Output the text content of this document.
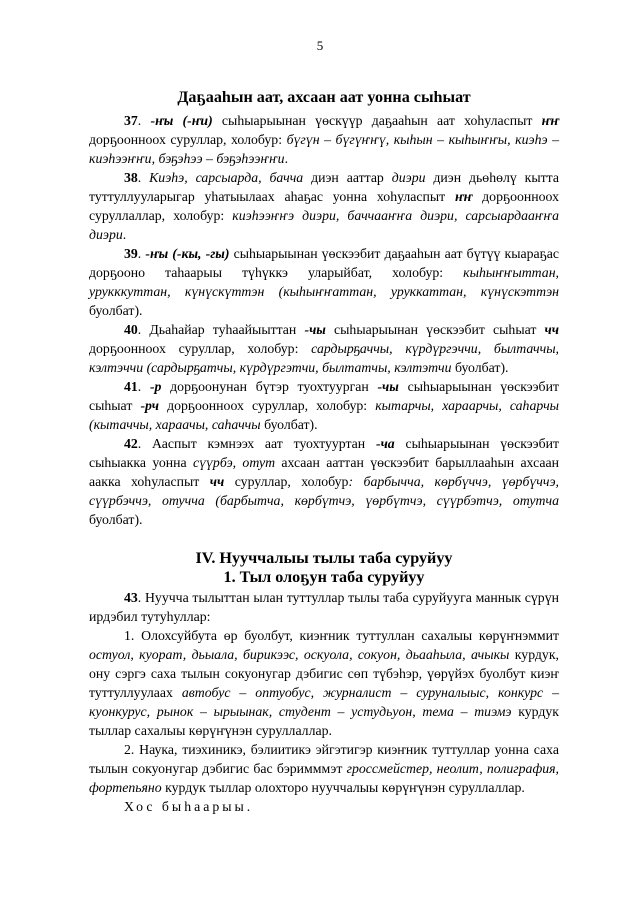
5
Даҕааһын аат, ахсаан аат уонна сыһыат

37. -ҥы (-ҥи) сыһыарыынан үөскүүр даҕааһын аат хоһуласпыт ҥҥ дорҕоонноох суруллар, холобур: бүгүн – бүгүҥҥү, кыһын – кыһыҥҥы, киэһэ – киэһээҥҥи, бэҕэһээ – бэҕэһээҥҥи.

38. Киэһэ, сарсыарда, бачча диэн ааттар диэри диэн дьөһөлү кытта туттуллууларыгар уһатыылаах аһаҕас уонна хоһуласпыт ҥҥ дорҕоонноох суруллаллар, холобур: киэһээҥҥэ диэри, баччааҥҥа диэри, сарсыардааҥҥа диэри.

39. -ҥы (-кы, -гы) сыһыарыынан үөскээбит даҕааһын аат бүтүү кыараҕас дорҕооно таһаарыы түһүккэ уларыйбат, холобур: кыһыҥҥыттан, урукккуттан, күнүскүттэн (кыһыҥҥаттан, уруккаттан, күнүскэттэн буолбат).

40. Дьаһайар туһаайыыттан -чы сыһыарыынан үөскээбит сыһыат чч дорҕоонноох суруллар, холобур: сардырҕаччы, күрдүргэччи, былтаччы, кэлтэччи (сардырҕатчы, күрдүргэтчи, былтатчы, кэлтэтчи буолбат).

41. -р дорҕоонунан бүтэр туохтуурган -чы сыһыарыынан үөскээбит сыһыат -рч дорҕоонноох суруллар, холобур: кытарчы, хараарчы, саһарчы (кытаччы, хараачы, саһаччы буолбат).

42. Ааспыт кэмнээх аат туохтууртан -ча сыһыарыынан үөскээбит сыһыакка уонна сүүрбэ, отут ахсаан ааттан үөскээбит барыллааһын ахсаан аакка хоһуласпыт чч суруллар, холобур: барбычча, көрбүччэ, үөрбүччэ, сүүрбэччэ, отучча (барбытча, көрбүтчэ, үөрбүтчэ, сүүрбэтчэ, отутча буолбат).

IV. Нууччалыы тылы таба суруйуу
1. Тыл олоҕун таба суруйуу

43. Нуучча тылыттан ылан туттуллар тылы таба суруйууга маннык сүрүн ирдэбил тутуһуллар:

1. Олохсуйбута өр буолбут, киэҥник туттуллан сахалыы көрүҥнэммит остуол, куорат, дьыала, бирикээс, оскуола, сокуон, дьааһыла, ачыкы курдук, ону сэргэ саха тылын сокуонугар дэбигис сөп түбэһэр, үөрүйэх буолбут киэҥ туттуллуулаах автобус – оптуобус, журналист – суруналыыс, конкурс – куонкурус, рынок – ырыынак, студент – устудьуон, тема – тиэмэ курдук тыллар сахалыы көрүҥүнэн суруллаллар.

2. Наука, тиэхиникэ, бэлиитикэ эйгэтигэр киэҥник туттуллар уонна саха тылын сокуонугар дэбигис бас бэримммэт гроссмейстер, неолит, полиграфия, фортепьяно курдук тыллар олохторо нууччалыы көрүҥүнэн суруллаллар.

Хос быһаарыы.
